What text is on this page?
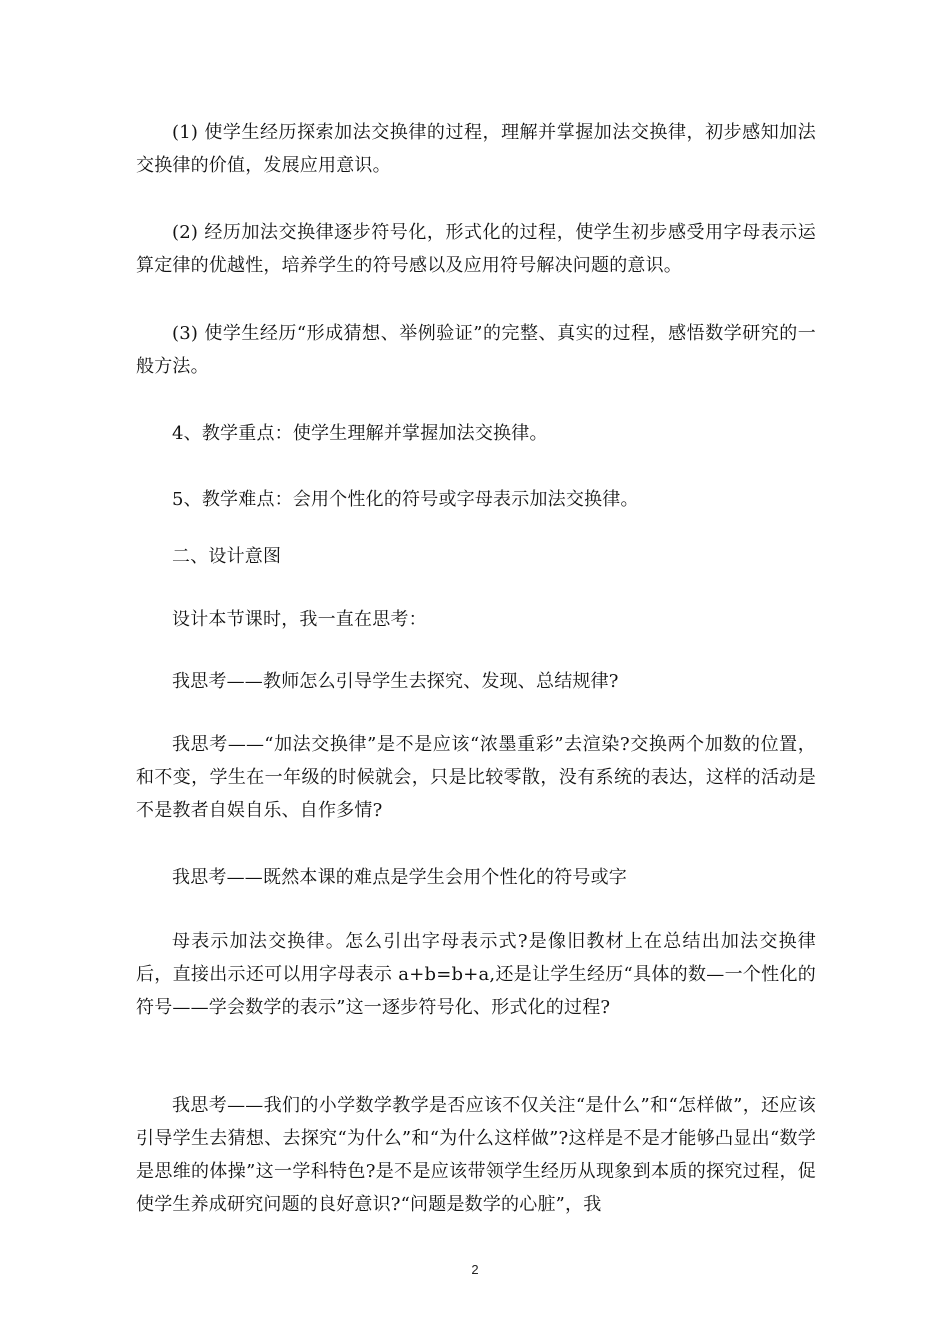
(1) 使学生经历探索加法交换律的过程，理解并掌握加法交换律，初步感知加法交换律的价值，发展应用意识。

(2) 经历加法交换律逐步符号化，形式化的过程，使学生初步感受用字母表示运算定律的优越性，培养学生的符号感以及应用符号解决问题的意识。

(3) 使学生经历“形成猜想、举例验证”的完整、真实的过程，感悟数学研究的一般方法。

4、教学重点：使学生理解并掌握加法交换律。

5、教学难点：会用个性化的符号或字母表示加法交换律。

二、设计意图

设计本节课时，我一直在思考：

我思考——教师怎么引导学生去探究、发现、总结规律?

我思考——“加法交换律”是不是应该“浓墨重彩”去渲染?交换两个加数的位置，和不变，学生在一年级的时候就会，只是比较零散，没有系统的表达，这样的活动是不是教者自娱自乐、自作多情?

我思考——既然本课的难点是学生会用个性化的符号或字

母表示加法交换律。怎么引出字母表示式?是像旧教材上在总结出加法交换律后，直接出示还可以用字母表示 a+b=b+a,还是让学生经历“具体的数—一个性化的符号——学会数学的表示”这一逐步符号化、形式化的过程?

我思考——我们的小学数学教学是否应该不仅关注“是什么”和“怎样做”，还应该引导学生去猜想、去探究“为什么”和“为什么这样做”?这样是不是才能够凸显出“数学是思维的体操”这一学科特色?是不是应该带领学生经历从现象到本质的探究过程，促使学生养成研究问题的良好意识?“问题是数学的心脏”，我

2
